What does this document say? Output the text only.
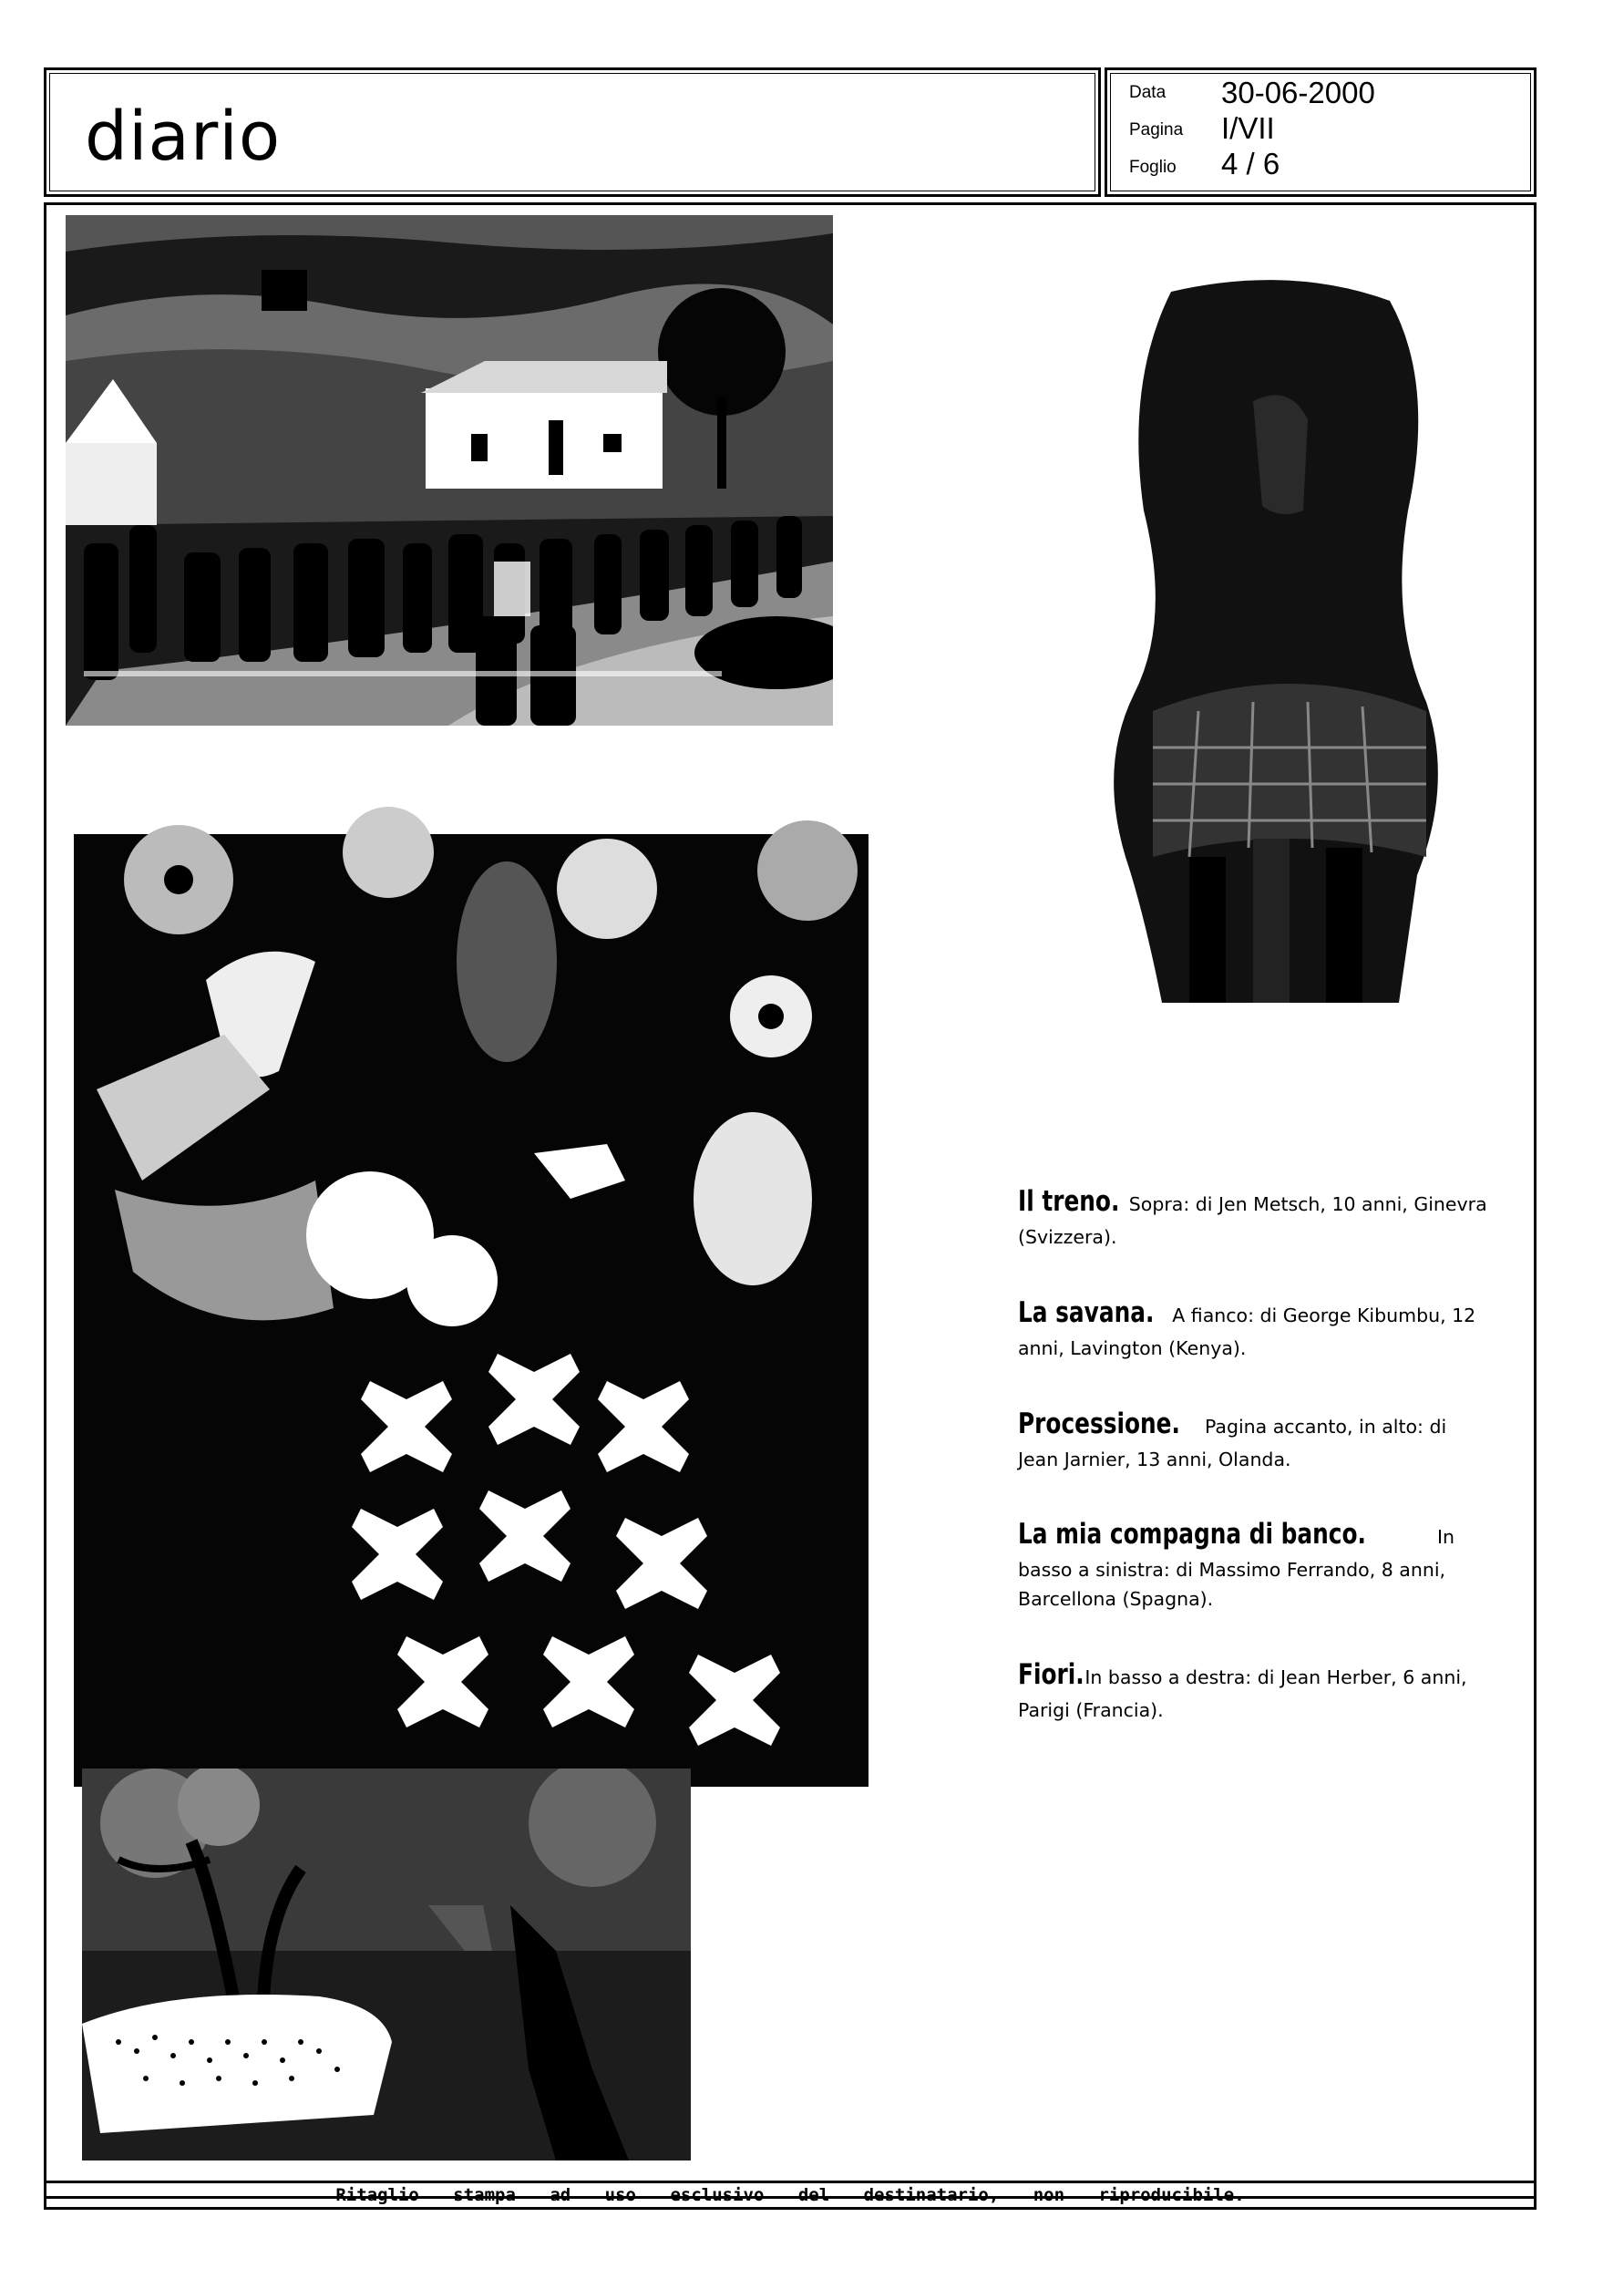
diario
Data 30-06-2000
Pagina I/VII
Foglio 4 / 6
Il treno. Sopra: di Jen Metsch, 10 anni, Ginevra (Svizzera).
La savana. A fianco: di George Kibumbu, 12 anni, Lavington (Kenya).
Processione. Pagina accanto, in alto: di Jean Jarnier, 13 anni, Olanda.
La mia compagna di banco.	In basso a sinistra: di Massimo Ferrando, 8 anni, Barcellona (Spagna).
Fiori. In basso a destra: di Jean Herber, 6 anni, Parigi (Francia).
Ritaglio stampa ad uso esclusivo del destinatario, non riproducibile.
